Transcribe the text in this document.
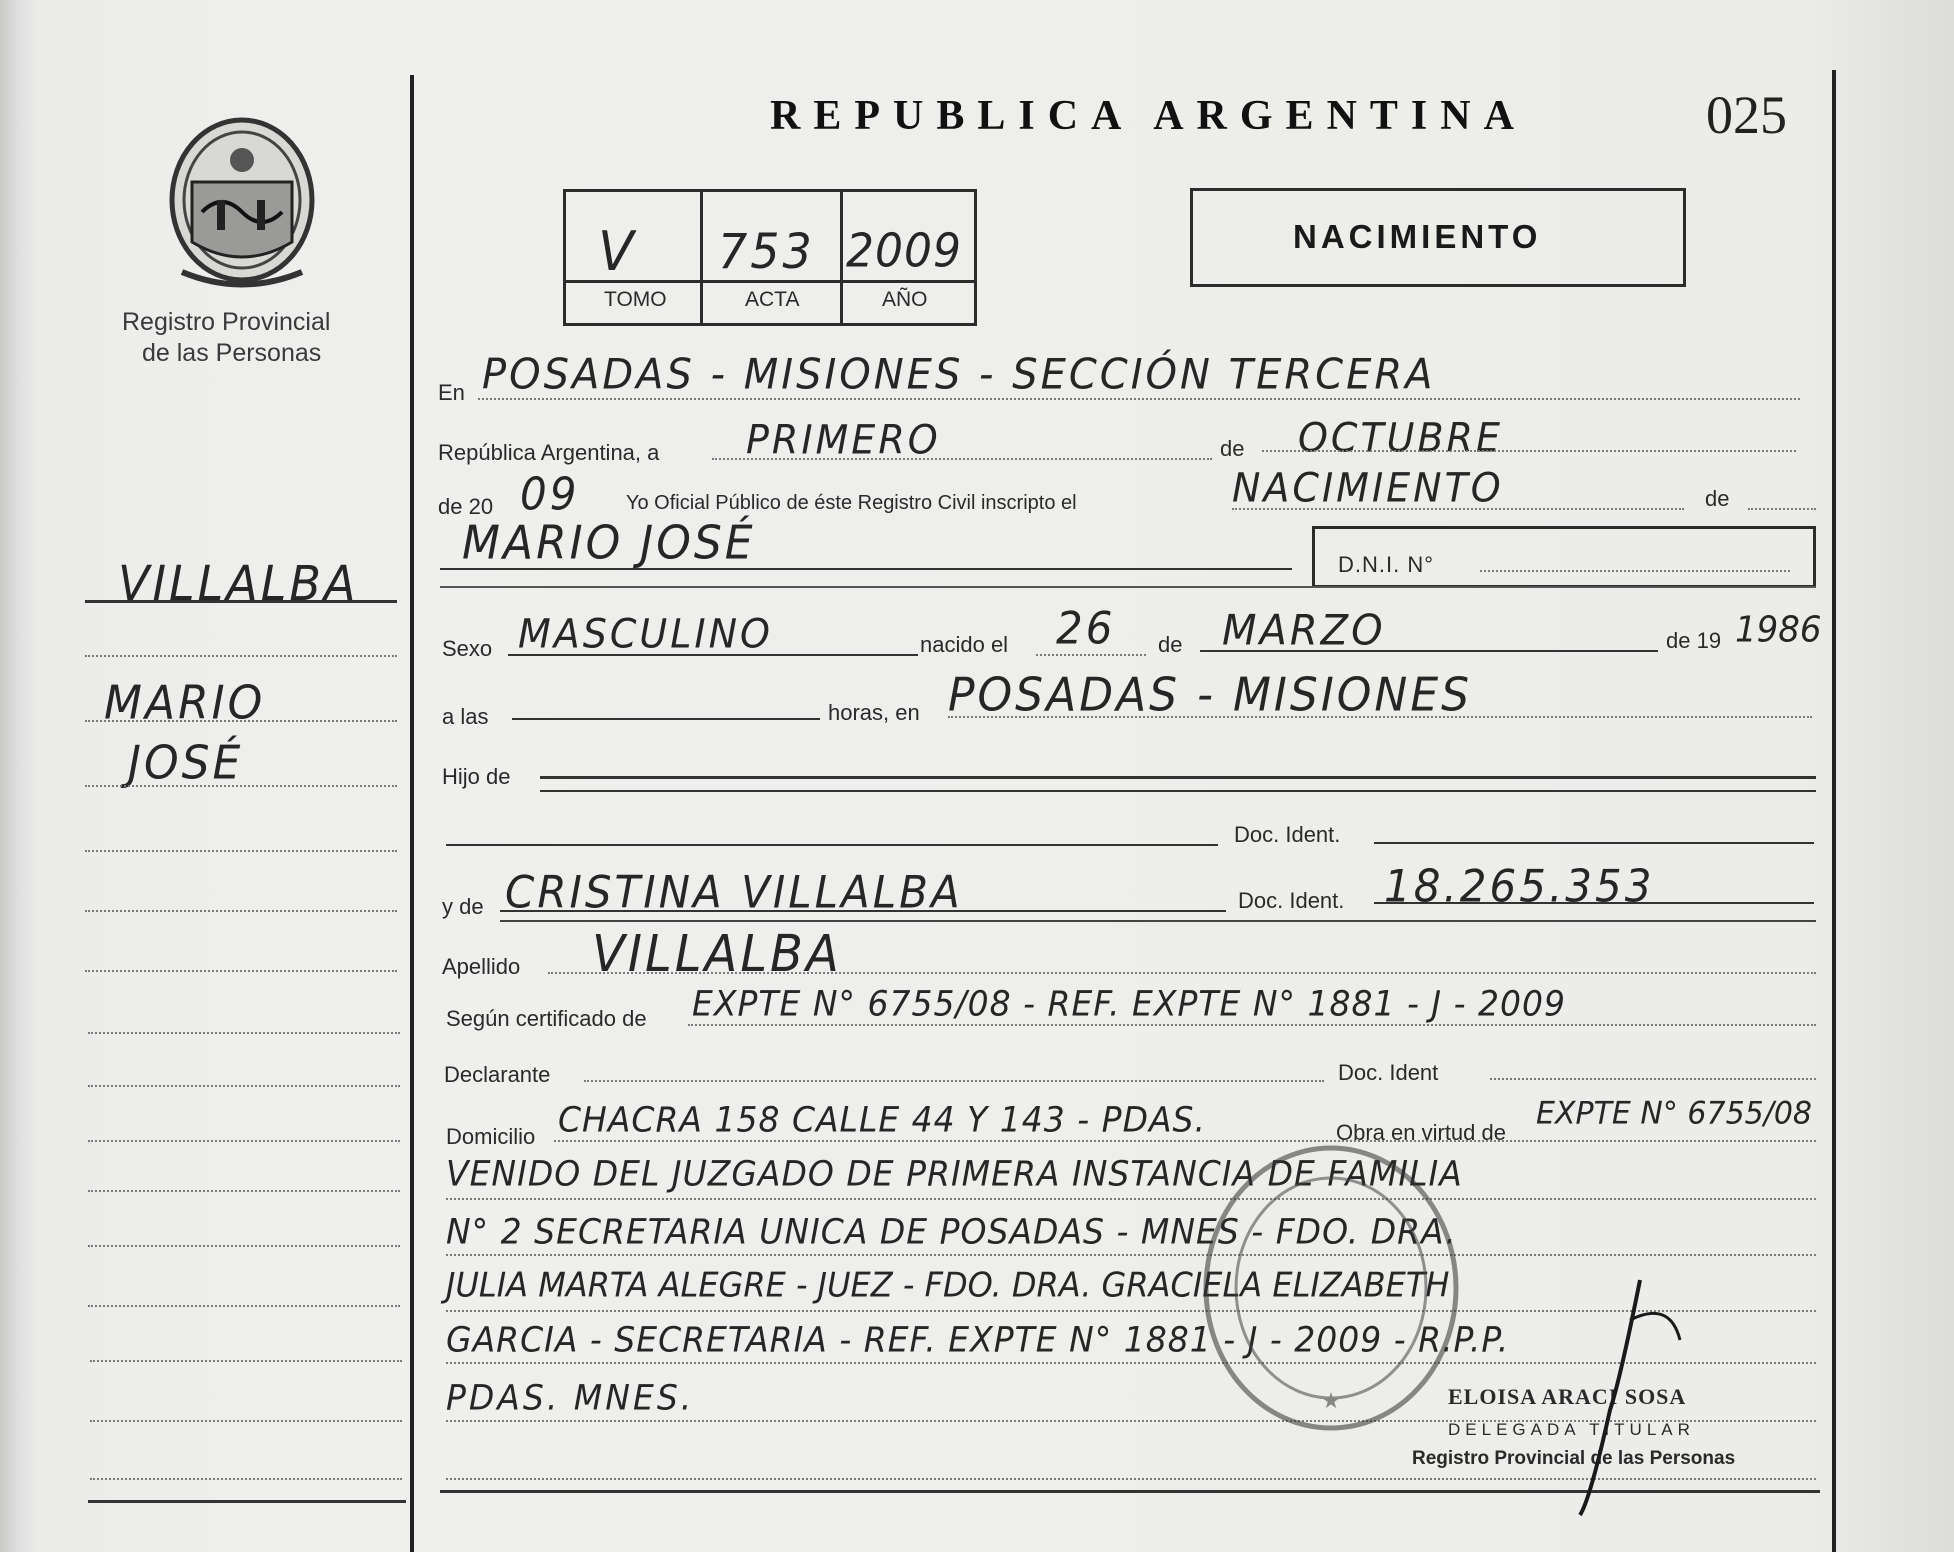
REPUBLICA ARGENTINA	025
Registro Provincial
de las Personas
V 753 2009
TOMO	ACTA	AÑO
NACIMIENTO
VILLALBA
MARIO
JOSÉ
En POSADAS - MISIONES - SECCIÓN TERCERA
República Argentina, a PRIMERO	de OCTUBRE
de 20 09 Yo Oficial Público de éste Registro Civil inscripto el	NACIMIENTO	de
MARIO JOSÉ	D.N.I. N°
Sexo MASCULINO	nacido el 26 de MARZO	de 19 1986
a las	horas, en POSADAS - MISIONES
Hijo de
Doc. Ident.
y de CRISTINA VILLALBA	Doc. Ident. 18.265.353
Apellido VILLALBA
Según certificado de EXPTE N° 6755/08 - REF. EXPTE N° 1881 - J - 2009
Declarante	Doc. Ident
Domicilio CHACRA 158 CALLE 44 Y 143 - PDAS.	Obra en virtud de
EXPTE N° 6755/08
VENIDO DEL JUZGADO DE PRIMERA INSTANCIA DE FAMILIA
N° 2 SECRETARIA UNICA DE POSADAS - MNES - FDO. DRA.
JULIA MARTA ALEGRE - JUEZ - FDO. DRA. GRACIELA ELIZABETH
GARCIA - SECRETARIA - REF. EXPTE N° 1881 - J - 2009 - R.P.P.
PDAS. MNES.	★	ELOISA ARACI SOSA
DELEGADA TITULAR
Registro Provincial de las Personas
